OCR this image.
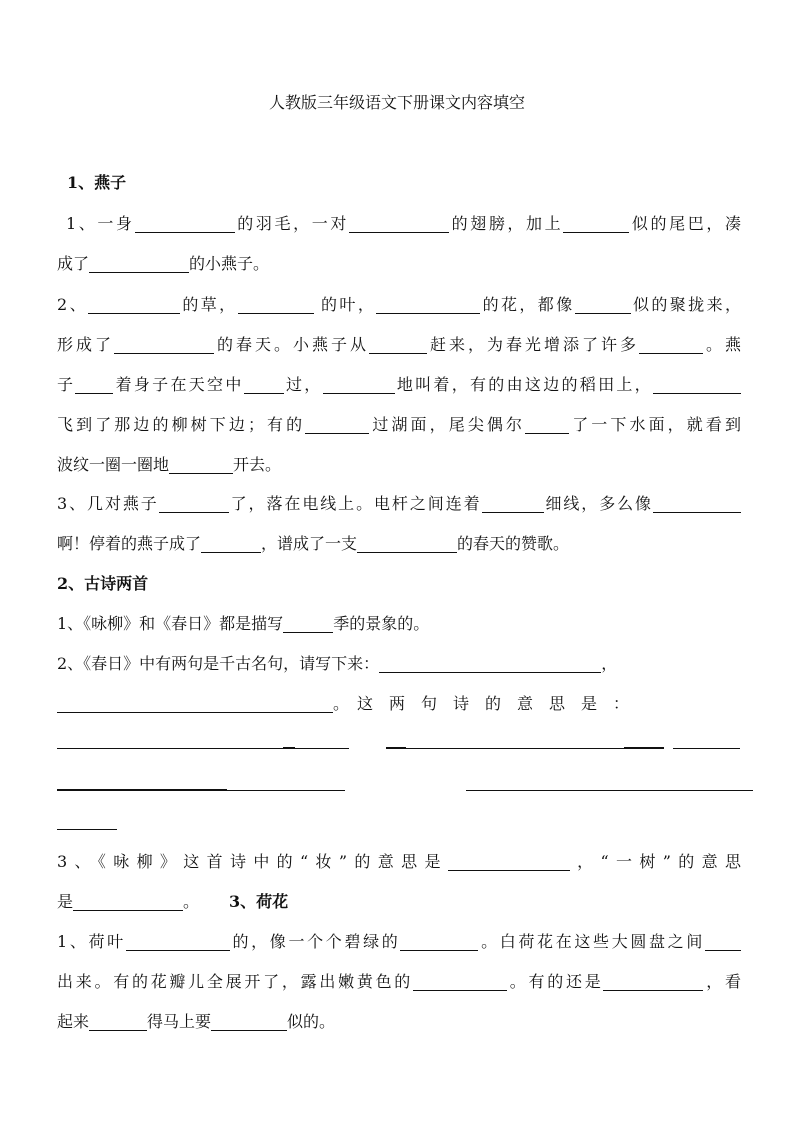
人教版三年级语文下册课文内容填空
1、燕子
1、一身	的羽毛，一对	的翅膀，加上	似的尾巴，凑
成了	的小燕子。
2、	的草，	的叶，	的花，都像	似的聚拢来，
形成了	的春天。小燕子从	赶来，为春光增添了许多	。燕
子 着身子在天空中	过，	地叫着，有的由这边的稻田上，
飞到了那边的柳树下边；有的	过湖面，尾尖偶尔	了一下水面，就看到
波纹一圈一圈地	开去。
3、几对燕子	了，落在电线上。电杆之间连着	细线，多么像
啊！停着的燕子成了	，谱成了一支	的春天的赞歌。
2、古诗两首
1、《咏柳》和《春日》都是描写	季的景象的。
2、《春日》中有两句是千古名句，请写下来：	，
。　这　两　句　诗　的　意　思　是　：
3、《咏柳》这首诗中的“妆”的意思是	，“一树”的意思
是	。 3、荷花
1、荷叶	的，像一个个碧绿的	。白荷花在这些大圆盘之间
出来。有的花瓣儿全展开了，露出嫩黄色的	。有的还是	，看
起来	得马上要	似的。
